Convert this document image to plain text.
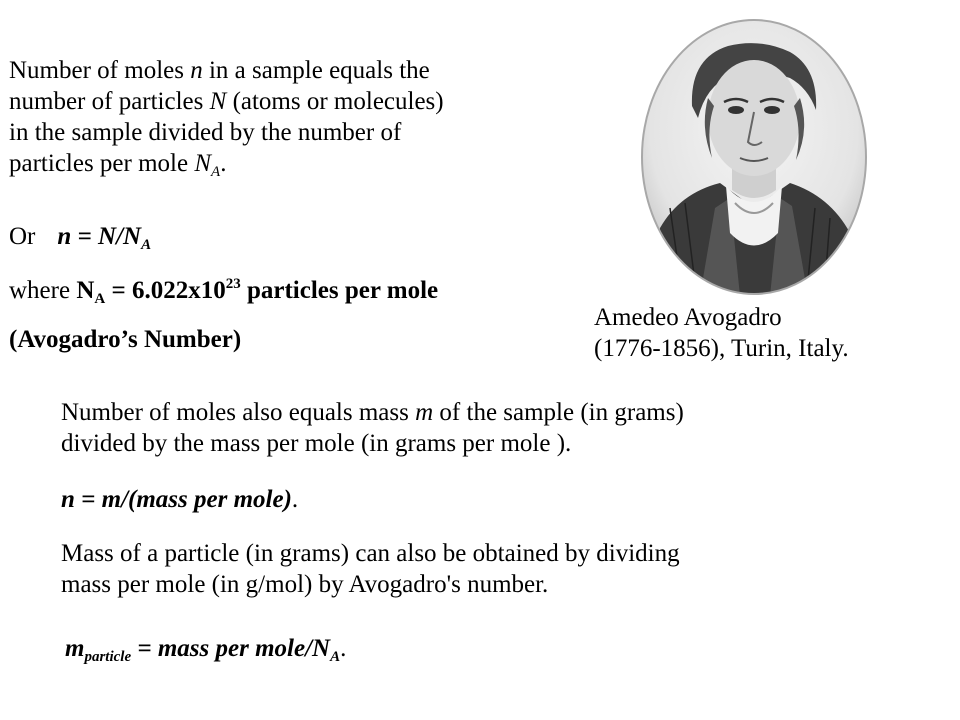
Number of moles n in a sample equals the
number of particles N (atoms or molecules)
in the sample divided by the number of
particles per mole $N_A$.
Or $n = N/N_A$
where $N_A = 6.022x10^{23}$ particles per mole
(Avogadro’s Number)
Amedeo Avogadro
(1776-1856), Turin, Italy.
Number of moles also equals mass m of the sample (in grams)
divided by the mass per mole (in grams per mole ).
n = m/(mass per mole).
Mass of a particle (in grams) can also be obtained by dividing
mass per mole (in g/mol) by Avogadro's number.
$m_{particle}$ = mass per mole/$N_A$.
